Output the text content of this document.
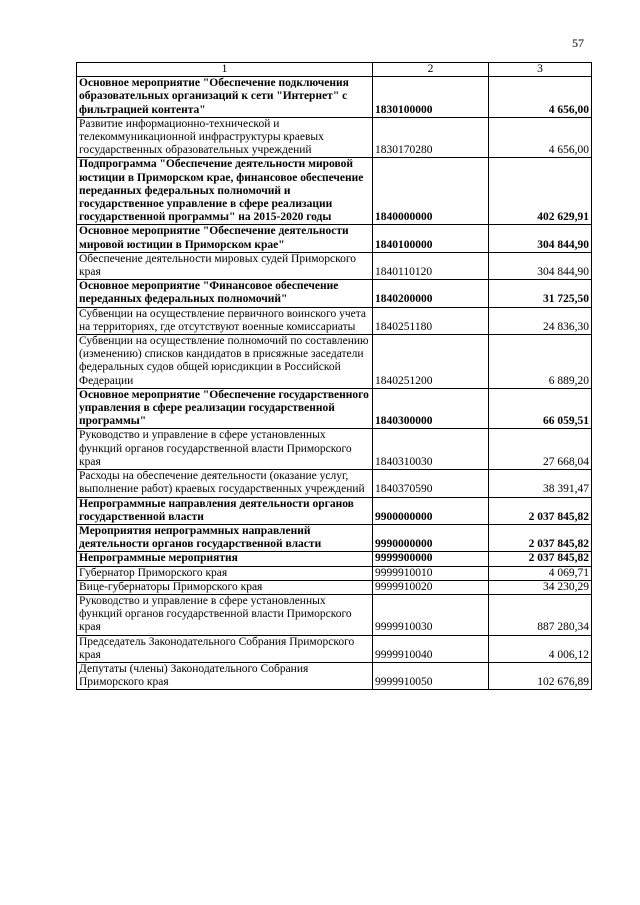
57
1	2	3
Основное мероприятие "Обеспечение подключения образовательных организаций к сети "Интернет" с фильтрацией контента"	1830100000	4 656,00
Развитие информационно-технической и телекоммуникационной инфраструктуры краевых государственных образовательных учреждений	1830170280	4 656,00
Подпрограмма "Обеспечение деятельности мировой юстиции в Приморском крае, финансовое обеспечение переданных федеральных полномочий и государственное управление в сфере реализации государственной программы" на 2015-2020 годы	1840000000	402 629,91
Основное мероприятие "Обеспечение деятельности мировой юстиции в Приморском крае"	1840100000	304 844,90
Обеспечение деятельности мировых судей Приморского края	1840110120	304 844,90
Основное мероприятие "Финансовое обеспечение переданных федеральных полномочий"	1840200000	31 725,50
Субвенции на осуществление первичного воинского учета на территориях, где отсутствуют военные комиссариаты	1840251180	24 836,30
Субвенции на осуществление полномочий по составлению (изменению) списков кандидатов в присяжные заседатели федеральных судов общей юрисдикции в Российской Федерации	1840251200	6 889,20
Основное мероприятие "Обеспечение государственного управления в сфере реализации государственной программы"	1840300000	66 059,51
Руководство и управление в сфере установленных функций органов государственной власти Приморского края	1840310030	27 668,04
Расходы на обеспечение деятельности (оказание услуг, выполнение работ) краевых государственных учреждений	1840370590	38 391,47
Непрограммные направления деятельности органов государственной власти	9900000000	2 037 845,82
Мероприятия непрограммных направлений деятельности органов государственной власти	9990000000	2 037 845,82
Непрограммные мероприятия	9999900000	2 037 845,82
Губернатор Приморского края	9999910010	4 069,71
Вице-губернаторы Приморского края	9999910020	34 230,29
Руководство и управление в сфере установленных функций органов государственной власти Приморского края	9999910030	887 280,34
Председатель Законодательного Собрания Приморского края	9999910040	4 006,12
Депутаты (члены) Законодательного Собрания Приморского края	9999910050	102 676,89
